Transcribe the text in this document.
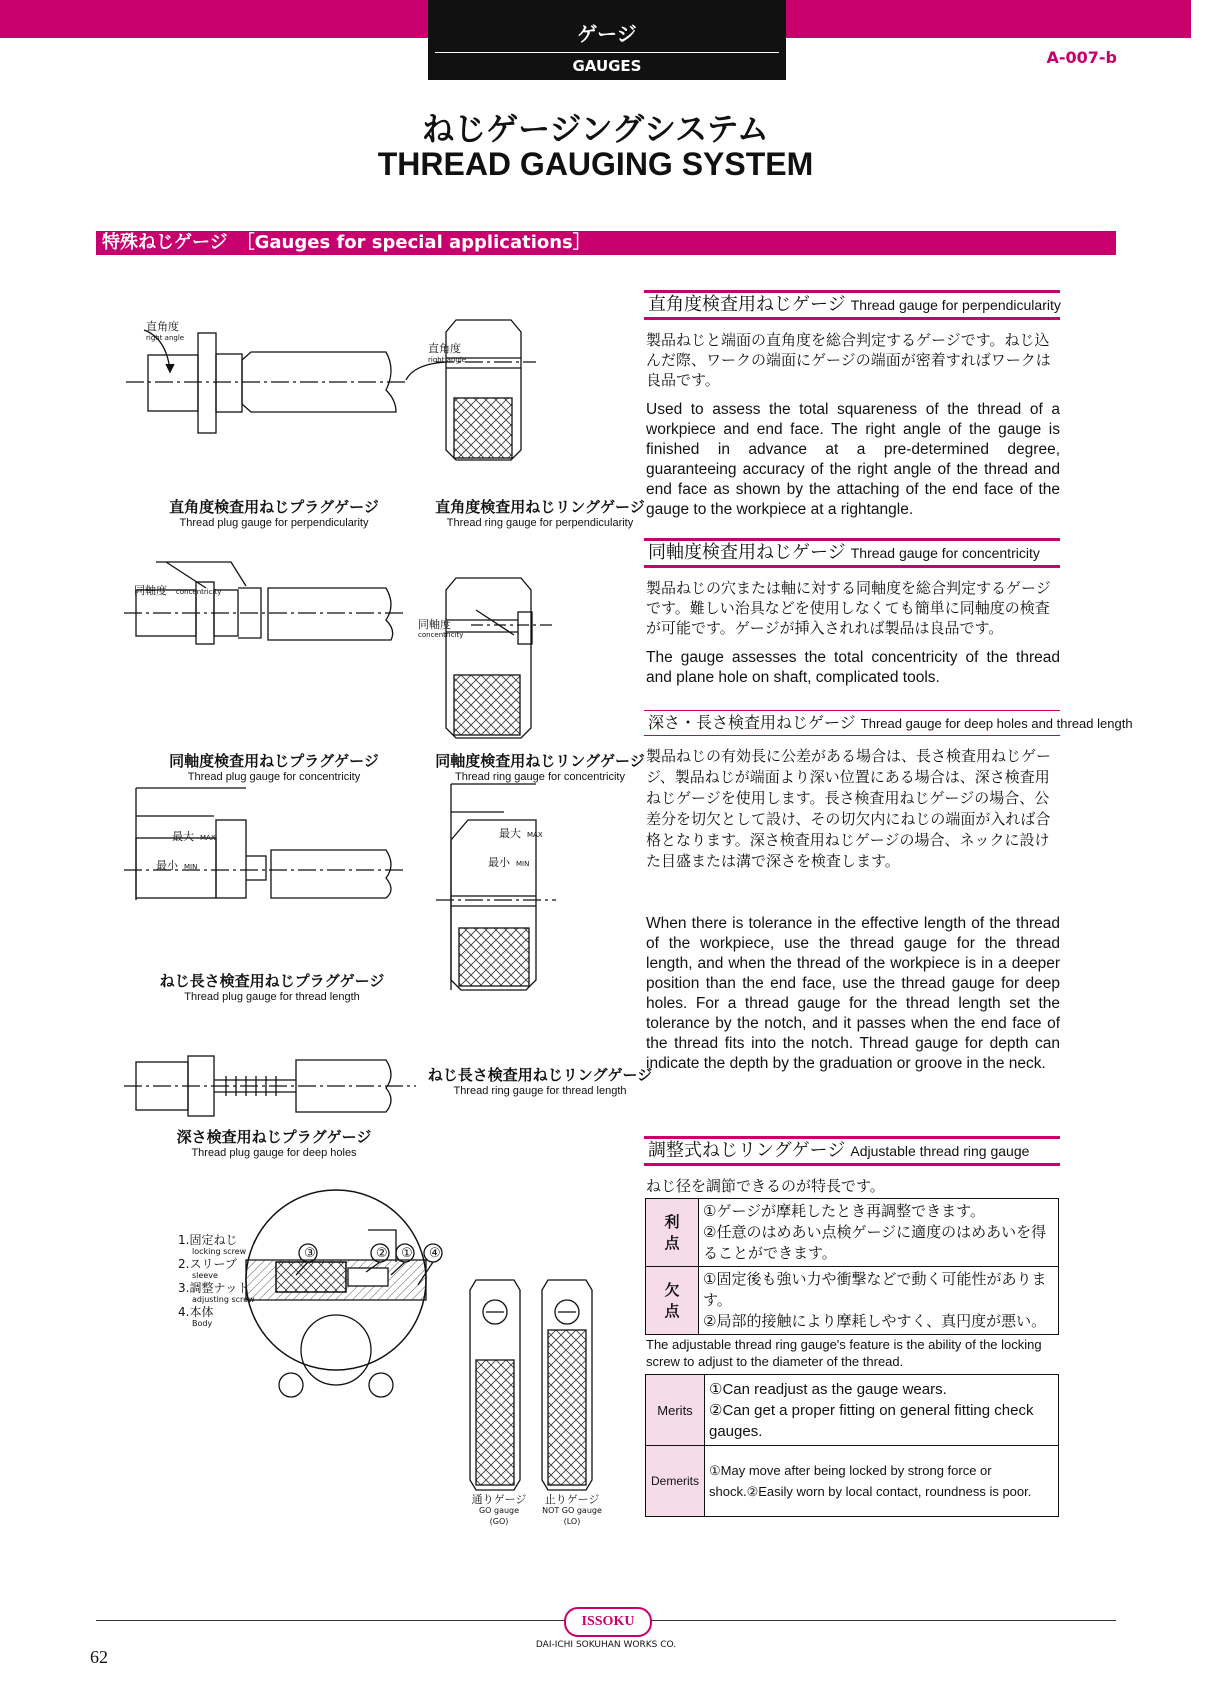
ゲージ
GAUGES	A-007-b
ねじゲージングシステム
THREAD GAUGING SYSTEM
特殊ねじゲージ　［Gauges for special applications］
直角度
right angle
直角度
right angle
同軸度 concentricity
同軸度
concentricity
最大 MAX
最小 MIN
最大 MAX
最小 MIN
③	② ① ④
直角度検査用ねじプラグゲージ
Thread plug gauge for perpendicularity
直角度検査用ねじリングゲージ
Thread ring gauge for perpendicularity
同軸度検査用ねじプラグゲージ
Thread plug gauge for concentricity
同軸度検査用ねじリングゲージ
Thread ring gauge for concentricity
ねじ長さ検査用ねじプラグゲージ
Thread plug gauge for thread length
ねじ長さ検査用ねじリングゲージ
Thread ring gauge for thread length
深さ検査用ねじプラグゲージ
Thread plug gauge for deep holes
1.固定ねじ
locking screw
2.スリーブ
sleeve
3.調整ナット
adjusting screw
4.本体
Body
通りゲージ
GO gauge
(GO)
止りゲージ
NOT GO gauge
(LO)
直角度検査用ねじゲージ Thread gauge for perpendicularity
製品ねじと端面の直角度を総合判定するゲージです。ねじ込んだ際、ワークの端面にゲージの端面が密着すればワークは良品です。
Used to assess the total squareness of the thread of a workpiece and end face. The right angle of the gauge is finished in advance at a pre-determined degree, guaranteeing accuracy of the right angle of the thread and end face as shown by the attaching of the end face of the gauge to the workpiece at a rightangle.
同軸度検査用ねじゲージ Thread gauge for concentricity
製品ねじの穴または軸に対する同軸度を総合判定するゲージです。難しい治具などを使用しなくても簡単に同軸度の検査が可能です。ゲージが挿入されれば製品は良品です。
The gauge assesses the total concentricity of the thread and plane hole on shaft, complicated tools.
深さ・長さ検査用ねじゲージ Thread gauge for deep holes and thread length
製品ねじの有効長に公差がある場合は、長さ検査用ねじゲージ、製品ねじが端面より深い位置にある場合は、深さ検査用ねじゲージを使用します。長さ検査用ねじゲージの場合、公差分を切欠として設け、その切欠内にねじの端面が入れば合格となります。深さ検査用ねじゲージの場合、ネックに設けた目盛または溝で深さを検査します。
When there is tolerance in the effective length of the thread of the workpiece, use the thread gauge for the thread length, and when the thread of the workpiece is in a deeper position than the end face, use the thread gauge for deep holes. For a thread gauge for the thread length set the tolerance by the notch, and it passes when the end face of the thread fits into the notch. Thread gauge for depth can indicate the depth by the graduation or groove in the neck.
調整式ねじリングゲージ Adjustable thread ring gauge
ねじ径を調節できるのが特長です。
利　点	①ゲージが摩耗したとき再調整できます。
②任意のはめあい点検ゲージに適度のはめあいを得ることができます。

欠　点	①固定後も強い力や衝撃などで動く可能性があります。
②局部的接触により摩耗しやすく、真円度が悪い。
The adjustable thread ring gauge's feature is the ability of the locking screw to adjust to the diameter of the thread.
Merits	①Can readjust as the gauge wears.
②Can get a proper fitting on general fitting check gauges.

Demerits	①May move after being locked by strong force or shock.②Easily worn by local contact, roundness is poor.
ISSOKU
DAI-ICHI SOKUHAN WORKS CO.
62
